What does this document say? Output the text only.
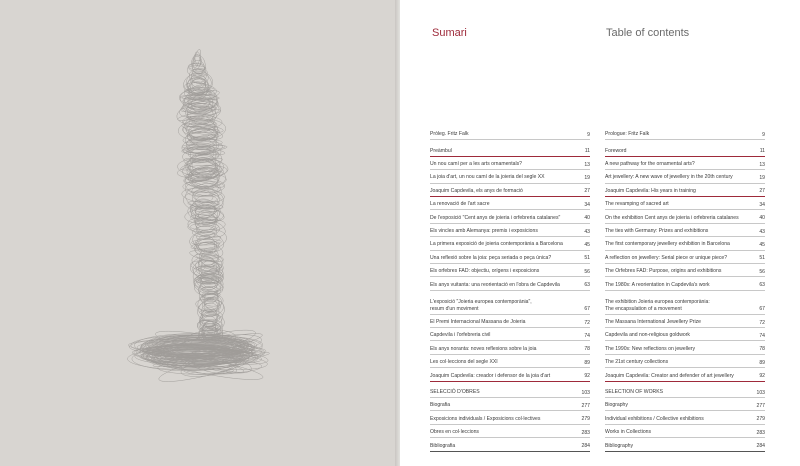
Sumari	Table of contents
Pròleg. Fritz Falk	9
Preàmbul	11
Un nou camí per a les arts ornamentals?	13
La joia d'art, un nou camí de la joieria del segle XX	19
Joaquim Capdevila, els anys de formació	27
La renovació de l'art sacre	34
De l'exposició "Cent anys de joieria i orfebreria catalanes"	40
Els vincles amb Alemanya: premis i exposicions	43
La primera exposició de joieria contemporània a Barcelona	45
Una reflexió sobre la joia: peça seriada o peça única?	51
Els orfebres FAD: objectiu, orígens i exposicions	56
Els anys vuitanta: una reorientació en l'obra de Capdevila	63
L'exposició "Joieria europea contemporània",
resum d'un moviment	67
El Premi Internacional Massana de Joieria	72
Capdevila i l'orfebreria civil	74
Els anys noranta: noves reflexions sobre la joia	78
Les col·leccions del segle XXI	89
Joaquim Capdevila: creador i defensor de la joia d'art	92
SELECCIÓ D'OBRES	103
Biografia	277
Exposicions individuals / Exposicions col·lectives	279
Obres en col·leccions	283
Bibliografia	284
Prologue: Fritz Falk	9
Foreword	11
A new pathway for the ornamental arts?	13
Art jewellery: A new wave of jewellery in the 20th century	19
Joaquim Capdevila: His years in training	27
The revamping of sacred art	34
On the exhibition Cent anys de joieria i orfebreria catalanes	40
The ties with Germany: Prizes and exhibitions	43
The first contemporary jewellery exhibition in Barcelona	45
A reflection on jewellery: Serial piece or unique piece?	51
The Orfebres FAD: Purpose, origins and exhibitions	56
The 1980s: A reorientation in Capdevila's work	63
The exhibition Joieria europea contemporània:
The encapsulation of a movement	67
The Massana International Jewellery Prize	72
Capdevila and non-religious goldwork	74
The 1990s: New reflections on jewellery	78
The 21st century collections	89
Joaquim Capdevila: Creator and defender of art jewellery	92
SELECTION OF WORKS	103
Biography	277
Individual exhibitions / Collective exhibitions	279
Works in Collections	283
Bibliography	284
